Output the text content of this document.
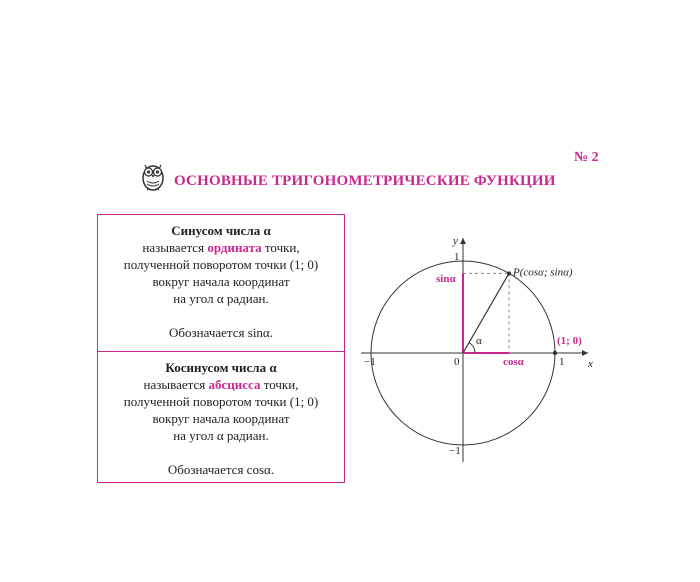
ОСНОВНЫЕ ТРИГОНОМЕТРИЧЕСКИЕ ФУНКЦИИ
№ 2
Синусом числа α
называется ордината точки,
полученной поворотом точки (1; 0)
вокруг начала координат
на угол α радиан.
Обозначается sinα.
Косинусом числа α
называется абсцисса точки,
полученной поворотом точки (1; 0)
вокруг начала координат
на угол α радиан.
Обозначается cosα.
y
x
1
−1
−1	1
0
P(cosα; sinα)
sinα
cosα
α	(1; 0)
